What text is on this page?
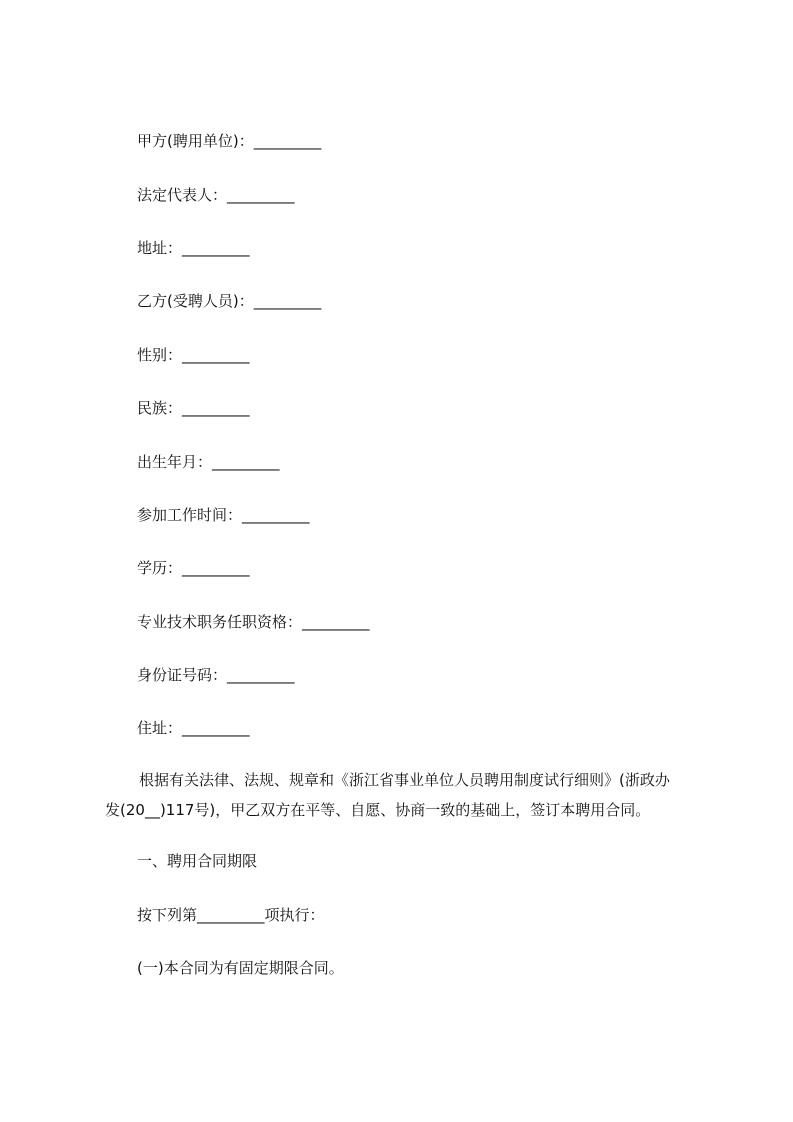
甲方(聘用单位)：_________
法定代表人：_________
地址：_________
乙方(受聘人员)：_________
性别：_________
民族：_________
出生年月：_________
参加工作时间：_________
学历：_________
专业技术职务任职资格：_________
身份证号码：_________
住址：_________
根据有关法律、法规、规章和《浙江省事业单位人员聘用制度试行细则》(浙政办
发(20__)117号)，甲乙双方在平等、自愿、协商一致的基础上，签订本聘用合同。
一、聘用合同期限
按下列第_________项执行：
(一)本合同为有固定期限合同。
